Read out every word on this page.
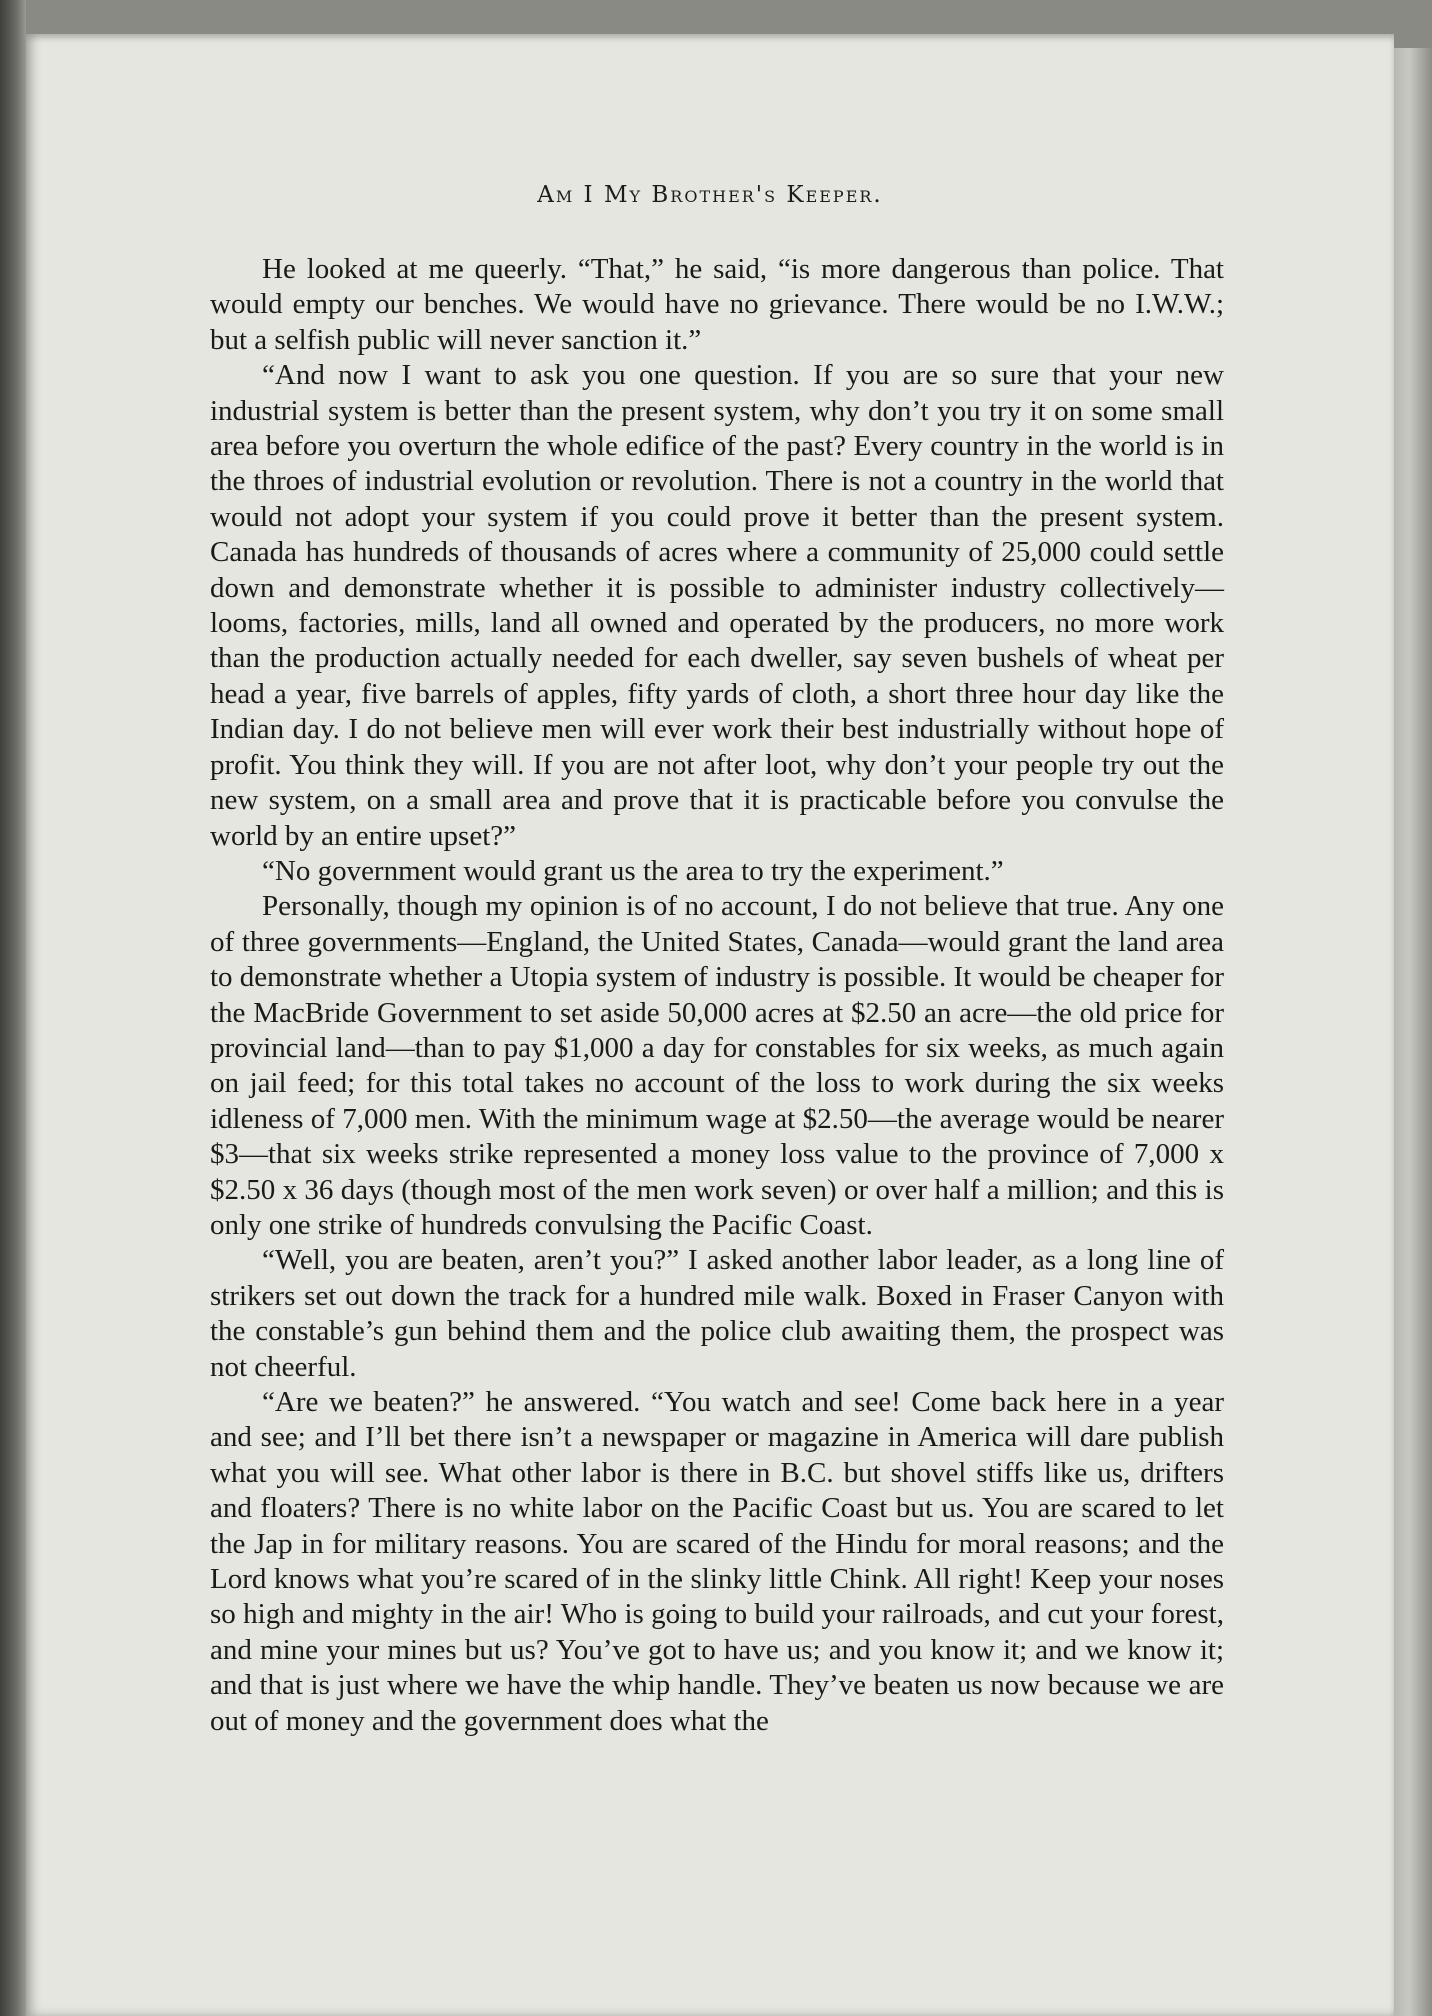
Am I My Brother's Keeper.

He looked at me queerly. “That,” he said, “is more dangerous than police. That would empty our benches. We would have no grievance. There would be no I.W.W.; but a selfish public will never sanction it.”

“And now I want to ask you one question. If you are so sure that your new industrial system is better than the present system, why don’t you try it on some small area before you overturn the whole edifice of the past? Every country in the world is in the throes of industrial evolution or revolution. There is not a country in the world that would not adopt your system if you could prove it better than the present system. Canada has hundreds of thousands of acres where a community of 25,000 could settle down and demonstrate whether it is possible to administer industry collectively—looms, factories, mills, land all owned and operated by the producers, no more work than the production actually needed for each dweller, say seven bushels of wheat per head a year, five barrels of apples, fifty yards of cloth, a short three hour day like the Indian day. I do not believe men will ever work their best industrially without hope of profit. You think they will. If you are not after loot, why don’t your people try out the new system, on a small area and prove that it is practicable before you convulse the world by an entire upset?”

“No government would grant us the area to try the experiment.”

Personally, though my opinion is of no account, I do not believe that true. Any one of three governments—England, the United States, Canada—would grant the land area to demonstrate whether a Utopia system of industry is possible. It would be cheaper for the MacBride Government to set aside 50,000 acres at $2.50 an acre—the old price for provincial land—than to pay $1,000 a day for constables for six weeks, as much again on jail feed; for this total takes no account of the loss to work during the six weeks idleness of 7,000 men. With the minimum wage at $2.50—the average would be nearer $3—that six weeks strike represented a money loss value to the province of 7,000 x $2.50 x 36 days (though most of the men work seven) or over half a million; and this is only one strike of hundreds convulsing the Pacific Coast.

“Well, you are beaten, aren’t you?” I asked another labor leader, as a long line of strikers set out down the track for a hundred mile walk. Boxed in Fraser Canyon with the constable’s gun behind them and the police club awaiting them, the prospect was not cheerful.

“Are we beaten?” he answered. “You watch and see! Come back here in a year and see; and I’ll bet there isn’t a newspaper or magazine in America will dare publish what you will see. What other labor is there in B.C. but shovel stiffs like us, drifters and floaters? There is no white labor on the Pacific Coast but us. You are scared to let the Jap in for military reasons. You are scared of the Hindu for moral reasons; and the Lord knows what you’re scared of in the slinky little Chink. All right! Keep your noses so high and mighty in the air! Who is going to build your railroads, and cut your forest, and mine your mines but us? You’ve got to have us; and you know it; and we know it; and that is just where we have the whip handle. They’ve beaten us now because we are out of money and the government does what the
